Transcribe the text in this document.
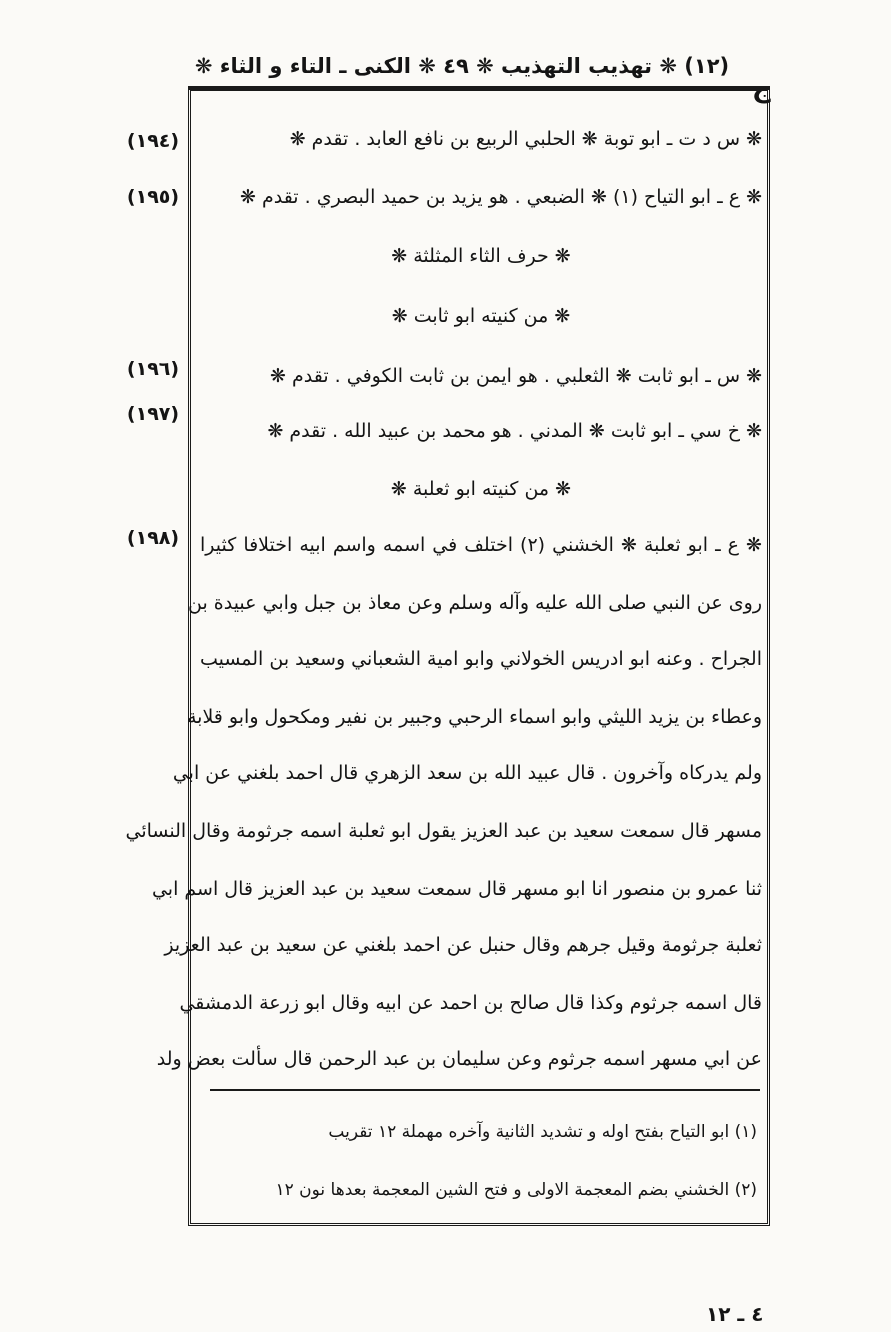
(١٢) ❋ تهذيب التهذيب ❋ ٤٩ ❋ الكنى ـ التاء و الثاء ❋
❋ س د ت ـ ابو توبة ❋ الحلبي الربيع بن نافع العابد . تقدم ❋
(١٩٤)
❋ ع ـ ابو التياح (١) ❋ الضبعي . هو يزيد بن حميد البصري . تقدم ❋
(١٩٥)
❋ حرف الثاء المثلثة ❋
❋ من كنيته ابو ثابت ❋
❋ س ـ ابو ثابت ❋ الثعلبي . هو ايمن بن ثابت الكوفي . تقدم ❋
(١٩٦)
❋ خ سي ـ ابو ثابت ❋ المدني . هو محمد بن عبيد الله . تقدم ❋
(١٩٧)
❋ من كنيته ابو ثعلبة ❋
(١٩٨)	❋ ع ـ ابو ثعلبة ❋ الخشني (٢) اختلف في اسمه واسم ابيه اختلافا كثيرا
روى عن النبي صلى الله عليه وآله وسلم وعن معاذ بن جبل وابي عبيدة بن
الجراح . وعنه ابو ادريس الخولاني وابو امية الشعباني وسعيد بن المسيب
وعطاء بن يزيد الليثي وابو اسماء الرحبي وجبير بن نفير ومكحول وابو قلابة
ولم يدركاه وآخرون . قال عبيد الله بن سعد الزهري قال احمد بلغني عن ابي
مسهر قال سمعت سعيد بن عبد العزيز يقول ابو ثعلبة اسمه جرثومة وقال النسائي
ثنا عمرو بن منصور انا ابو مسهر قال سمعت سعيد بن عبد العزيز قال اسم ابي
ثعلبة جرثومة وقيل جرهم وقال حنبل عن احمد بلغني عن سعيد بن عبد العزيز
قال اسمه جرثوم وكذا قال صالح بن احمد عن ابيه وقال ابو زرعة الدمشقي
عن ابي مسهر اسمه جرثوم وعن سليمان بن عبد الرحمن قال سألت بعض ولد
(١) ابو التياح بفتح اوله و تشديد الثانية وآخره مهملة ١٢ تقريب
(٢) الخشني بضم المعجمة الاولى و فتح الشين المعجمة بعدها نون ١٢
٤ ـ ١٢
